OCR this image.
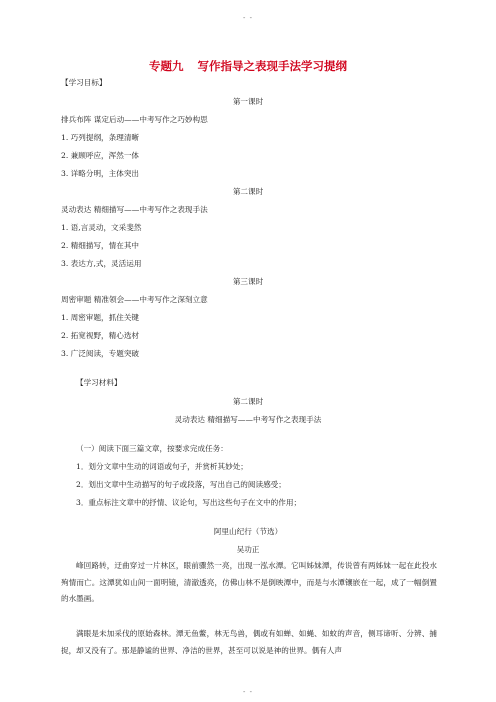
- -
专题九 写作指导之表现手法学习提纲
【学习目标】
第一课时
排兵布阵 谋定后动——中考写作之巧妙构思
1. 巧列提纲，条理清晰
2. 兼顾呼应，浑然一体
3. 详略分明，主体突出
第二课时
灵动表达 精细描写——中考写作之表现手法
1. 语,言灵动，文采斐然
2. 精细描写，情在其中
3. 表达方,式，灵活运用
第三课时
周密审题 精准领会——中考写作之深刻立意
1. 周密审题，抓住关键
2. 拓宽视野，精心选材
3. 广泛阅读，专题突破
【学习材料】
第二课时
灵动表达 精细描写——中考写作之表现手法
（一）阅读下面三篇文章，按要求完成任务：
1．划分文章中生动的词语或句子，并赏析其妙处；
2．划出文章中生动描写的句子或段落，写出自己的阅读感受；
3．重点标注文章中的抒情、议论句，写出这些句子在文中的作用；
阿里山纪行（节选）
吴功正
峰回路转，迂曲穿过一片林区，眼前骤然一亮，出现一泓水潭。它叫姊妹潭，传说曾有两姊妹一起在此投水殉情而亡。这潭犹如山间一面明镜，清澈透亮，仿佛山林不是倒映潭中，而是与水潭镶嵌在一起，成了一幅倒置的水墨画。
满眼是未加采伐的原始森林。潭无鱼鳖，林无鸟兽，偶或有如蝉、如蝇、如蚊的声音，侧耳谛听、分辨、捕捉，却又没有了。那是静谧的世界、净洁的世界，甚至可以说是神的世界。偶有人声
- -
